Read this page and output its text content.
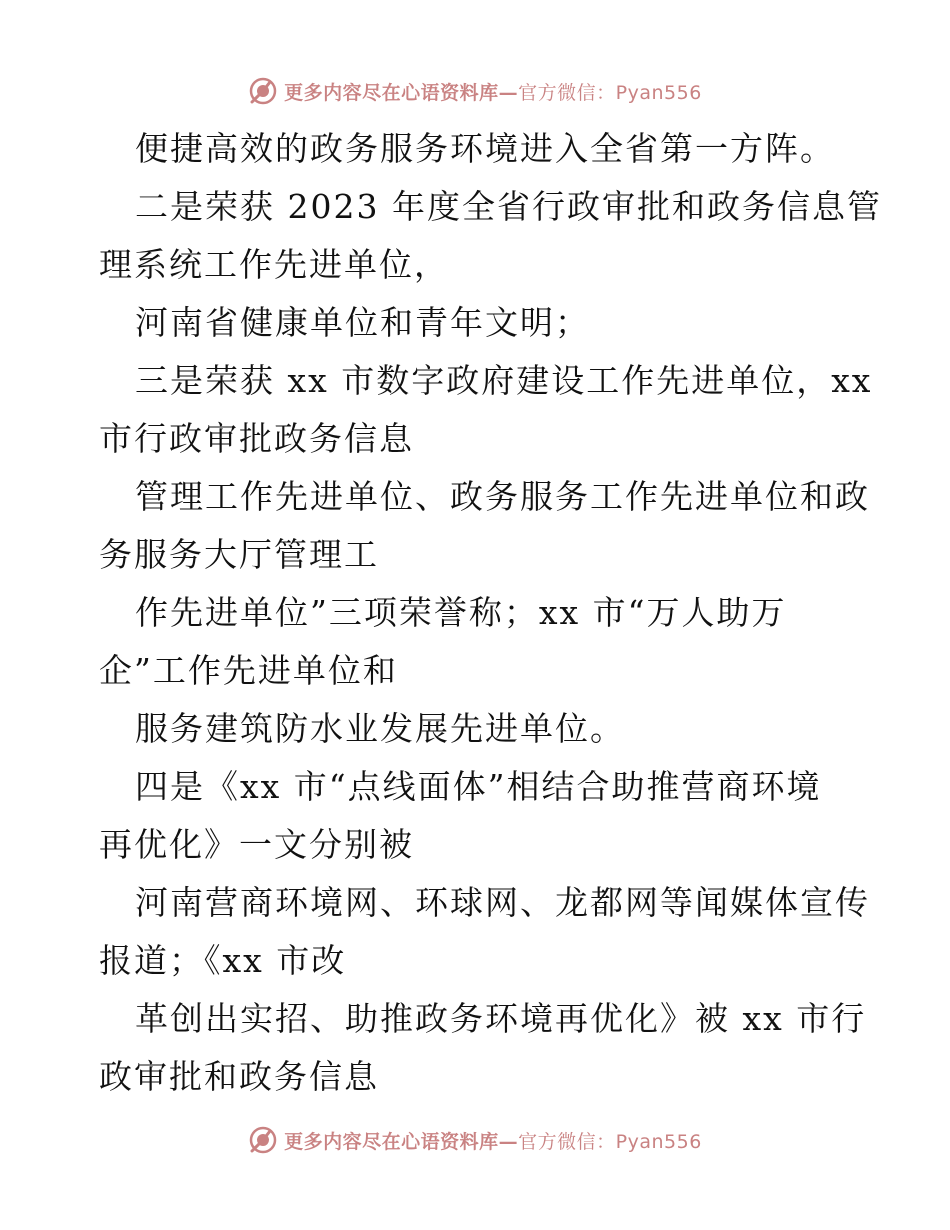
更多内容尽在心语资料库—官方微信：Pyan556
便捷高效的政务服务环境进入全省第一方阵。
二是荣获 2023 年度全省行政审批和政务信息管
理系统工作先进单位，
河南省健康单位和青年文明；
三是荣获 xx 市数字政府建设工作先进单位，xx
市行政审批政务信息
管理工作先进单位、政务服务工作先进单位和政
务服务大厅管理工
作先进单位”三项荣誉称；xx 市“万人助万
企”工作先进单位和
服务建筑防水业发展先进单位。
四是《xx 市“点线面体”相结合助推营商环境
再优化》一文分别被
河南营商环境网、环球网、龙都网等闻媒体宣传
报道；《xx 市改
革创出实招、助推政务环境再优化》被 xx 市行
政审批和政务信息
更多内容尽在心语资料库—官方微信：Pyan556
